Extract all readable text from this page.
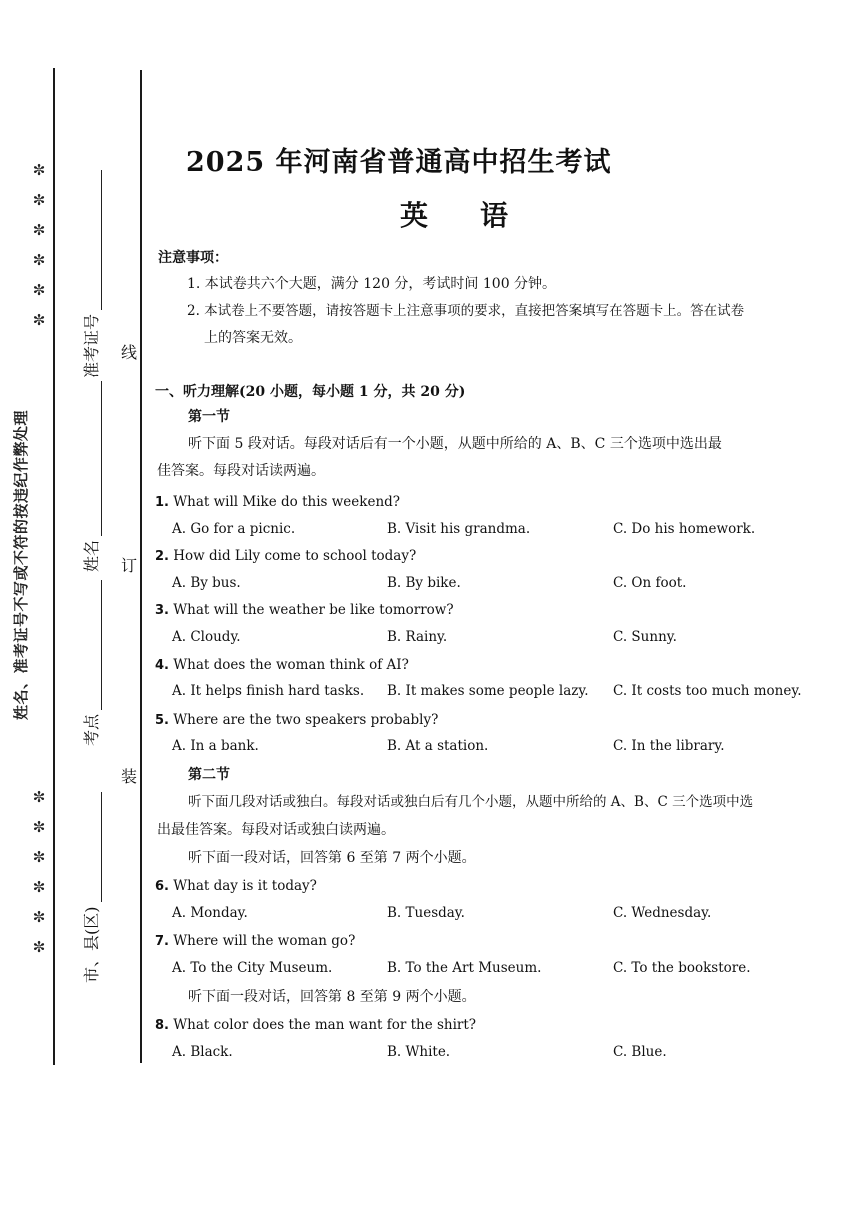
✼
✼
✼
✼
✼
✼
✼
✼
✼
✼
✼
✼
姓名、准考证号不写或不符的按违纪作弊处理
准考证号
姓名
考点
市、县(区)
线
订
装
2025 年河南省普通高中招生考试
英语
注意事项：
1. 本试卷共六个大题，满分 120 分，考试时间 100 分钟。
2. 本试卷上不要答题，请按答题卡上注意事项的要求，直接把答案填写在答题卡上。答在试卷
上的答案无效。
一、听力理解(20 小题，每小题 1 分，共 20 分)
第一节
听下面 5 段对话。每段对话后有一个小题，从题中所给的 A、B、C 三个选项中选出最
佳答案。每段对话读两遍。
1. What will Mike do this weekend?
A. Go for a picnic.	B. Visit his grandma.	C. Do his homework.
2. How did Lily come to school today?
A. By bus.	B. By bike.	C. On foot.
3. What will the weather be like tomorrow?
A. Cloudy.	B. Rainy.	C. Sunny.
4. What does the woman think of AI?
A. It helps finish hard tasks. B. It makes some people lazy. C. It costs too much money.
5. Where are the two speakers probably?
A. In a bank.	B. At a station.	C. In the library.
第二节
听下面几段对话或独白。每段对话或独白后有几个小题，从题中所给的 A、B、C 三个选项中选
出最佳答案。每段对话或独白读两遍。
听下面一段对话，回答第 6 至第 7 两个小题。
6. What day is it today?
A. Monday.	B. Tuesday.	C. Wednesday.
7. Where will the woman go?
A. To the City Museum.	B. To the Art Museum.	C. To the bookstore.
听下面一段对话，回答第 8 至第 9 两个小题。
8. What color does the man want for the shirt?
A. Black.	B. White.	C. Blue.
